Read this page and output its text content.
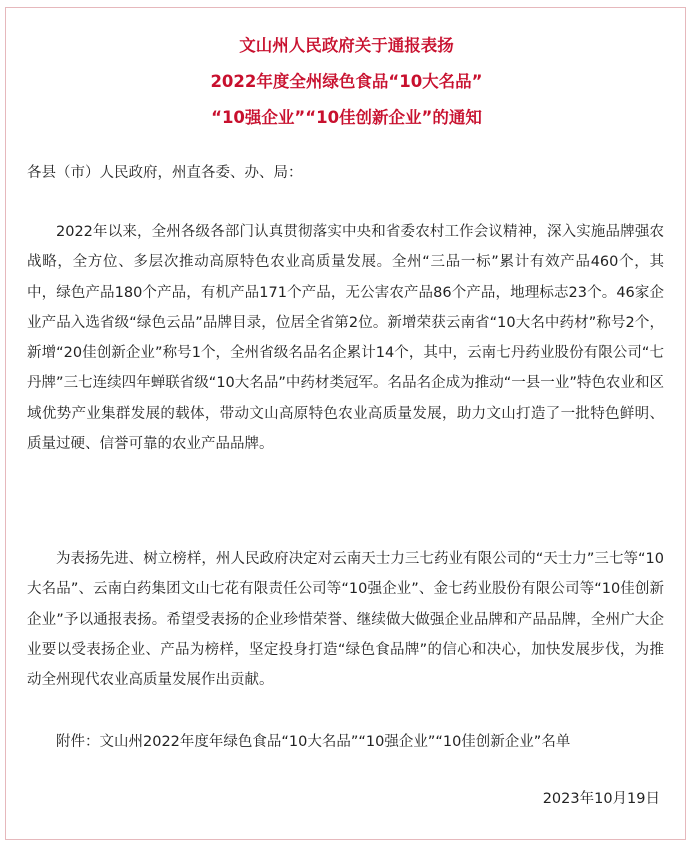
文山州人民政府关于通报表扬
2022年度全州绿色食品“10大名品”
“10强企业”“10佳创新企业”的通知
各县（市）人民政府，州直各委、办、局：

2022年以来，全州各级各部门认真贯彻落实中央和省委农村工作会议精神，深入实施品牌强农战略，全方位、多层次推动高原特色农业高质量发展。全州“三品一标”累计有效产品460个，其中，绿色产品180个产品，有机产品171个产品，无公害农产品86个产品，地理标志23个。46家企业产品入选省级“绿色云品”品牌目录，位居全省第2位。新增荣获云南省“10大名中药材”称号2个，新增“20佳创新企业”称号1个，全州省级名品名企累计14个，其中，云南七丹药业股份有限公司“七丹牌”三七连续四年蝉联省级“10大名品”中药材类冠军。名品名企成为推动“一县一业”特色农业和区域优势产业集群发展的载体，带动文山高原特色农业高质量发展，助力文山打造了一批特色鲜明、质量过硬、信誉可靠的农业产品品牌。

为表扬先进、树立榜样，州人民政府决定对云南天士力三七药业有限公司的“天士力”三七等“10大名品”、云南白药集团文山七花有限责任公司等“10强企业”、金七药业股份有限公司等“10佳创新企业”予以通报表扬。希望受表扬的企业珍惜荣誉、继续做大做强企业品牌和产品品牌，全州广大企业要以受表扬企业、产品为榜样，坚定投身打造“绿色食品牌”的信心和决心，加快发展步伐，为推动全州现代农业高质量发展作出贡献。

附件：文山州2022年度年绿色食品“10大名品”“10强企业”“10佳创新企业”名单
2023年10月19日
